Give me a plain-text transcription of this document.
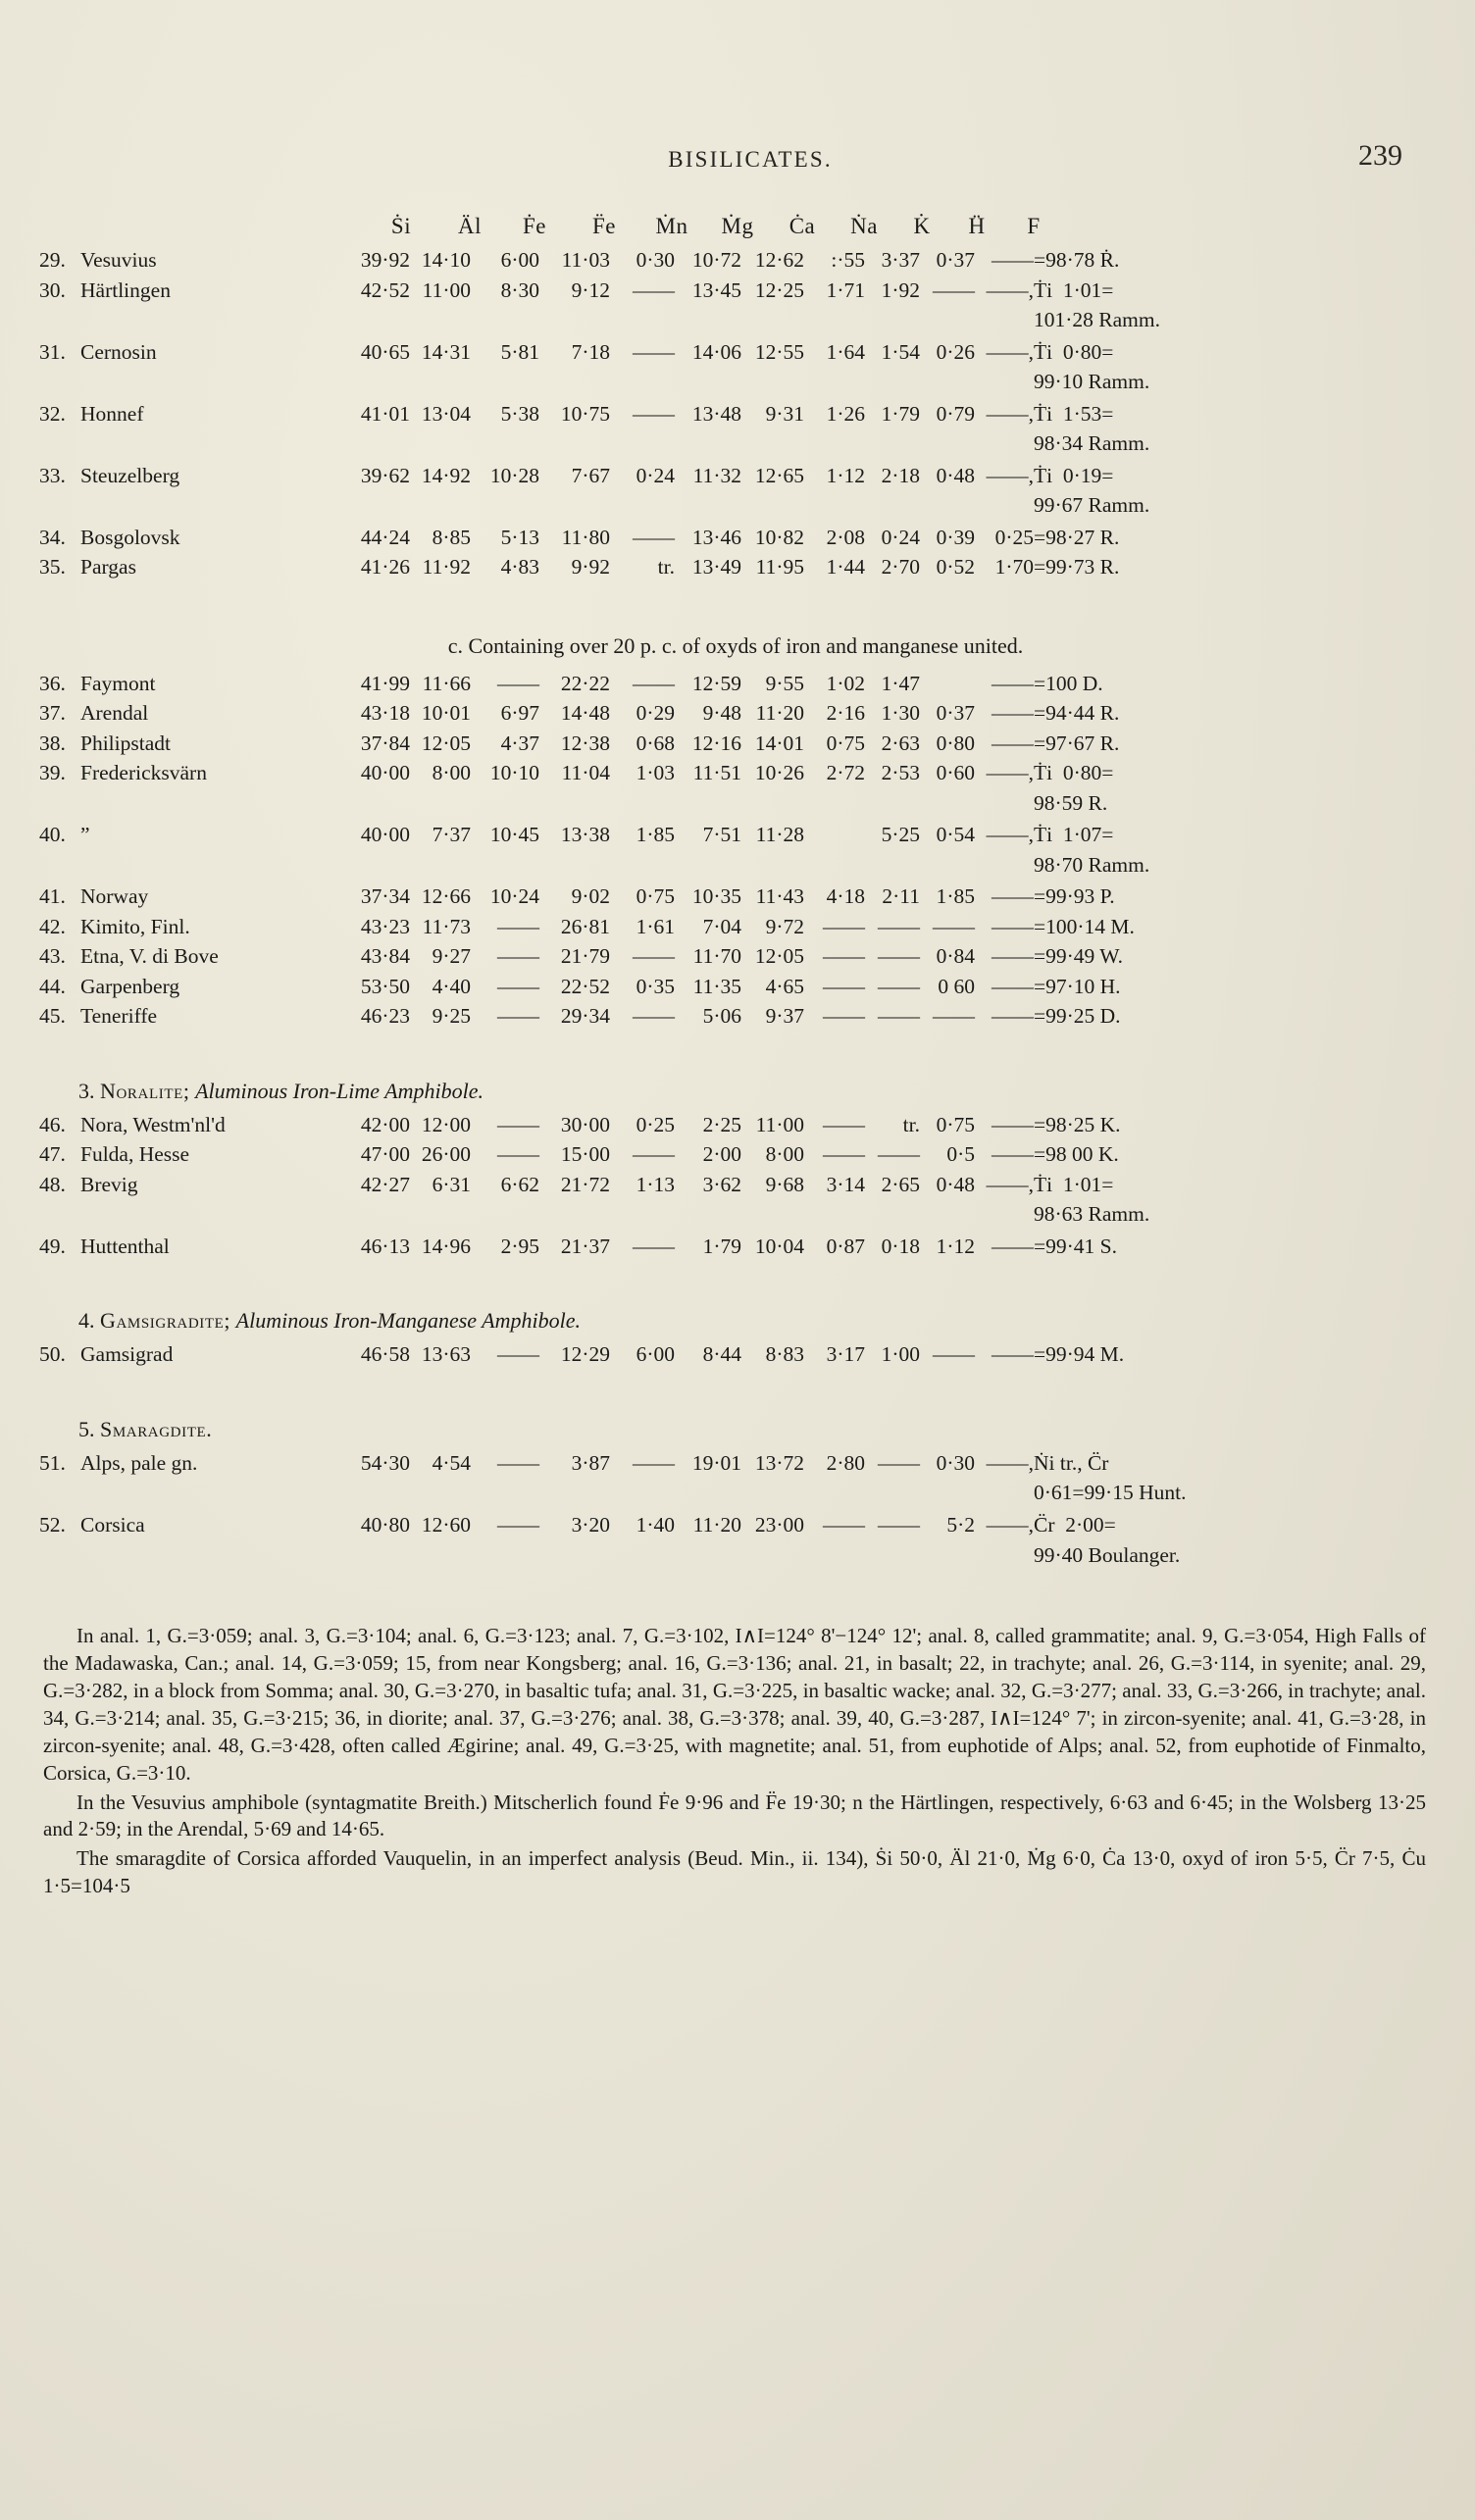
BISILICATES.	239
Ṡi Äl Ḟe F̈e Ṁn Ṁg Ċa Ṅa K̇ Ḧ F
29.	Vesuvius	39·92	14·10	6·00	11·03	0·30	10·72	12·62	:·55	3·37	0·37	——	=98·78 Ṙ.
30.	Härtlingen	42·52	11·00	8·30	9·12	——	13·45	12·25	1·71	1·92	——	——,	Ṫi  1·01=
													101·28 Ramm.
31.	Cernosin	40·65	14·31	5·81	7·18	——	14·06	12·55	1·64	1·54	0·26	——,	Ṫi  0·80=
													99·10 Ramm.
32.	Honnef	41·01	13·04	5·38	10·75	——	13·48	9·31	1·26	1·79	0·79	——,	Ṫi  1·53=
													98·34 Ramm.
33.	Steuzelberg	39·62	14·92	10·28	7·67	0·24	11·32	12·65	1·12	2·18	0·48	——,	Ṫi  0·19=
													99·67 Ramm.
34.	Bosgolovsk	44·24	8·85	5·13	11·80	——	13·46	10·82	2·08	0·24	0·39	0·25	=98·27 R.
35.	Pargas	41·26	11·92	4·83	9·92	tr.	13·49	11·95	1·44	2·70	0·52	1·70	=99·73 R.
c. Containing over 20 p. c. of oxyds of iron and manganese united.
36.	Faymont	41·99	11·66	——	22·22	——	12·59	9·55	1·02	1·47		——	=100 D.
37.	Arendal	43·18	10·01	6·97	14·48	0·29	9·48	11·20	2·16	1·30	0·37	——	=94·44 R.
38.	Philipstadt	37·84	12·05	4·37	12·38	0·68	12·16	14·01	0·75	2·63	0·80	——	=97·67 R.
39.	Fredericksvärn	40·00	8·00	10·10	11·04	1·03	11·51	10·26	2·72	2·53	0·60	——,	Ṫi  0·80=
													98·59 R.
40.	”	40·00	7·37	10·45	13·38	1·85	7·51	11·28		5·25	0·54	——,	Ṫi  1·07=
													98·70 Ramm.
41.	Norway	37·34	12·66	10·24	9·02	0·75	10·35	11·43	4·18	2·11	1·85	——	=99·93 P.
42.	Kimito, Finl.	43·23	11·73	——	26·81	1·61	7·04	9·72	——	——	——	——	=100·14 M.
43.	Etna, V. di Bove	43·84	9·27	——	21·79	——	11·70	12·05	——	——	0·84	——	=99·49 W.
44.	Garpenberg	53·50	4·40	——	22·52	0·35	11·35	4·65	——	——	0 60	——	=97·10 H.
45.	Teneriffe	46·23	9·25	——	29·34	——	5·06	9·37	——	——	——	——	=99·25 D.
3. Noralite; Aluminous Iron-Lime Amphibole.
46.	Nora, Westm'nl'd	42·00	12·00	——	30·00	0·25	2·25	11·00	——	tr.	0·75	——	=98·25 K.
47.	Fulda, Hesse	47·00	26·00	——	15·00	——	2·00	8·00	——	——	0·5	——	=98 00 K.
48.	Brevig	42·27	6·31	6·62	21·72	1·13	3·62	9·68	3·14	2·65	0·48	——,	Ṫi  1·01=
													98·63 Ramm.
49.	Huttenthal	46·13	14·96	2·95	21·37	——	1·79	10·04	0·87	0·18	1·12	——	=99·41 S.
4. Gamsigradite; Aluminous Iron-Manganese Amphibole.
50.	Gamsigrad	46·58	13·63	——	12·29	6·00	8·44	8·83	3·17	1·00	——	——	=99·94 M.
5. Smaragdite.
51.	Alps, pale gn.	54·30	4·54	——	3·87	——	19·01	13·72	2·80	——	0·30	——,	Ṅi tr., C̈r
													0·61=99·15 Hunt.
52.	Corsica	40·80	12·60	——	3·20	1·40	11·20	23·00	——	——	5·2	——,	C̈r  2·00=
													99·40 Boulanger.

In anal. 1, G.=3·059; anal. 3, G.=3·104; anal. 6, G.=3·123; anal. 7, G.=3·102, I∧I=124° 8'−124° 12'; anal. 8, called grammatite; anal. 9, G.=3·054, High Falls of the Madawaska, Can.; anal. 14, G.=3·059; 15, from near Kongsberg; anal. 16, G.=3·136; anal. 21, in basalt; 22, in trachyte; anal. 26, G.=3·114, in syenite; anal. 29, G.=3·282, in a block from Somma; anal. 30, G.=3·270, in basaltic tufa; anal. 31, G.=3·225, in basaltic wacke; anal. 32, G.=3·277; anal. 33, G.=3·266, in trachyte; anal. 34, G.=3·214; anal. 35, G.=3·215; 36, in diorite; anal. 37, G.=3·276; anal. 38, G.=3·378; anal. 39, 40, G.=3·287, I∧I=124° 7'; in zircon-syenite; anal. 41, G.=3·28, in zircon-syenite; anal. 48, G.=3·428, often called Ægirine; anal. 49, G.=3·25, with magnetite; anal. 51, from euphotide of Alps; anal. 52, from euphotide of Finmalto, Corsica, G.=3·10.

In the Vesuvius amphibole (syntagmatite Breith.) Mitscherlich found Ḟe 9·96 and F̈e 19·30; n the Härtlingen, respectively, 6·63 and 6·45; in the Wolsberg 13·25 and 2·59; in the Arendal, 5·69 and 14·65.

The smaragdite of Corsica afforded Vauquelin, in an imperfect analysis (Beud. Min., ii. 134), Ṡi 50·0, Äl 21·0, Ṁg 6·0, Ċa 13·0, oxyd of iron 5·5, C̈r 7·5, Ċu 1·5=104·5
